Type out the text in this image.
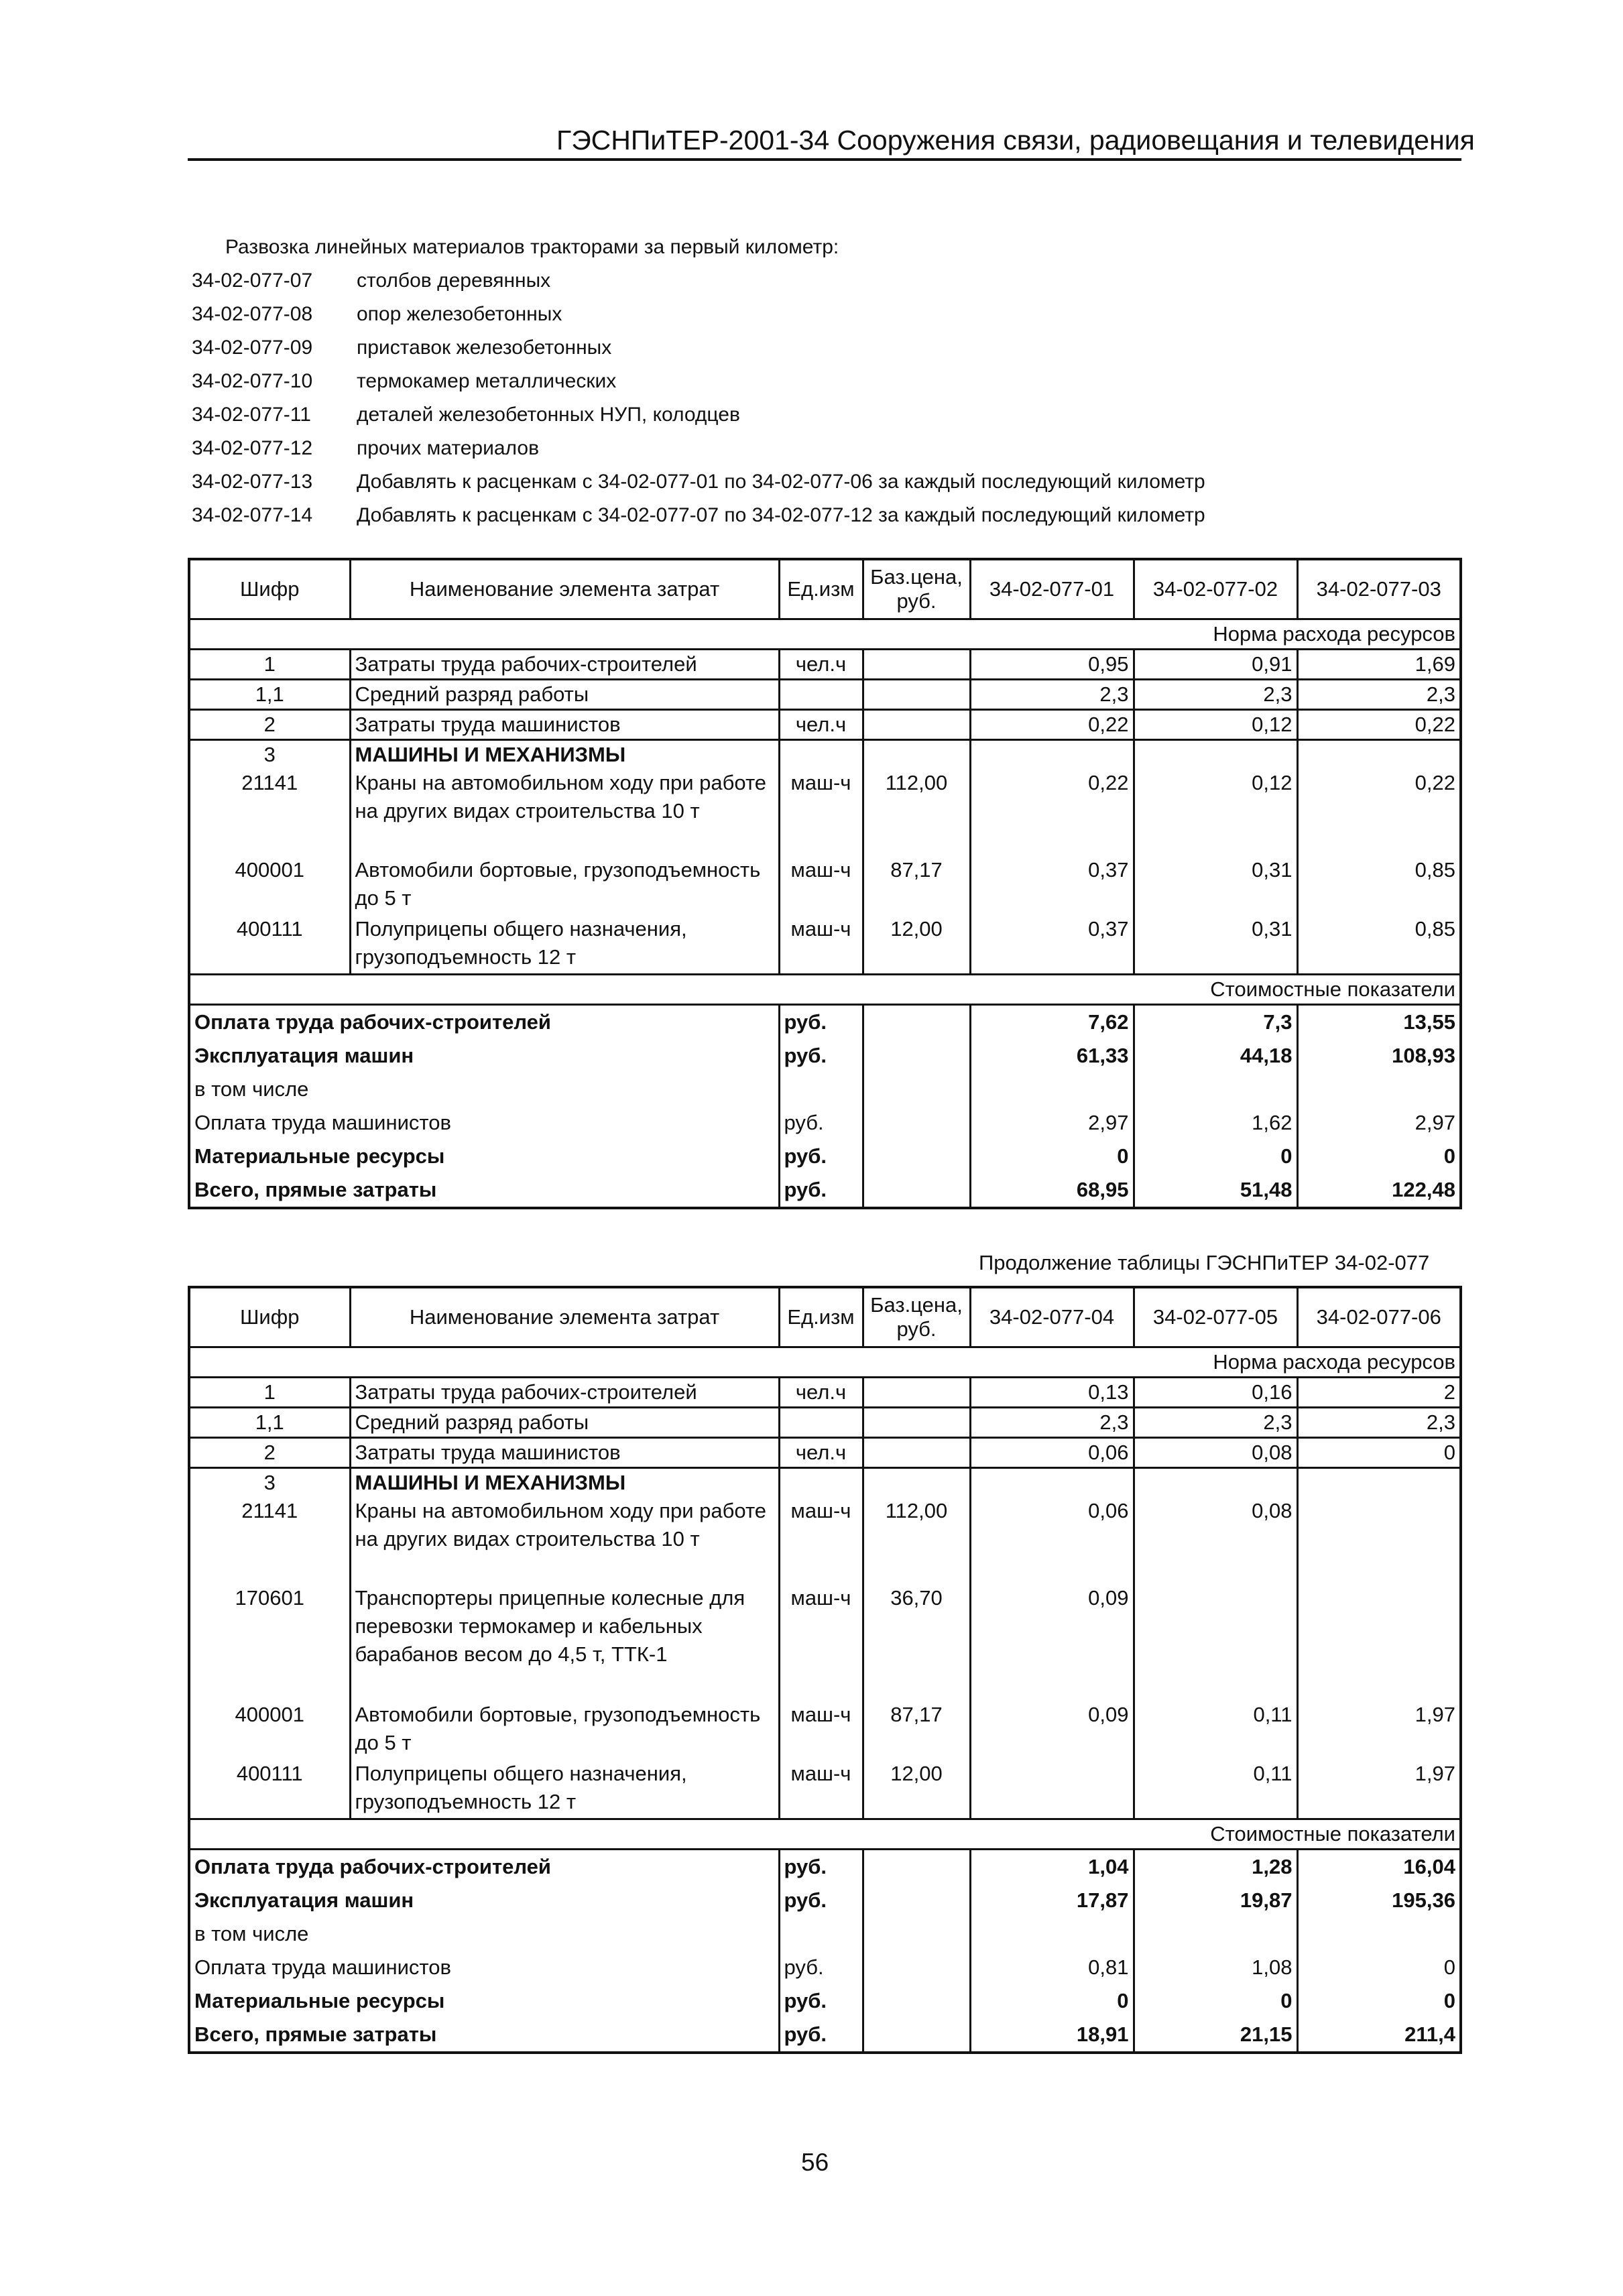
ГЭСНПиТЕР-2001-34 Сооружения связи, радиовещания и телевидения
Развозка линейных материалов тракторами за первый километр:
34-02-077-07	столбов деревянных
34-02-077-08	опор железобетонных
34-02-077-09	приставок железобетонных
34-02-077-10	термокамер металлических
34-02-077-11	деталей железобетонных НУП, колодцев
34-02-077-12	прочих материалов
34-02-077-13	Добавлять к расценкам с 34-02-077-01 по 34-02-077-06 за каждый последующий километр
34-02-077-14	Добавлять к расценкам с 34-02-077-07 по 34-02-077-12 за каждый последующий километр
Шифр	Наименование элемента затрат	Ед.изм	Баз.цена, руб.	34-02-077-01	34-02-077-02	34-02-077-03
Норма расхода ресурсов						
1	Затраты труда рабочих-строителей	чел.ч		0,95	0,91	1,69
1,1	Средний разряд работы			2,3	2,3	2,3
2	Затраты труда машинистов	чел.ч		0,22	0,12	0,22
3	МАШИНЫ И МЕХАНИЗМЫ					
21141	Краны на автомобильном ходу при работе на других видах строительства 10 т	маш-ч	112,00	0,22	0,12	0,22
400001	Автомобили бортовые, грузоподъемность до 5 т	маш-ч	87,17	0,37	0,31	0,85
400111	Полуприцепы общего назначения, грузоподъемность 12 т	маш-ч	12,00	0,37	0,31	0,85
Стоимостные показатели						
Оплата труда рабочих-строителей		руб.		7,62	7,3	13,55
Эксплуатация машин		руб.		61,33	44,18	108,93
в том числе						
Оплата труда машинистов		руб.		2,97	1,62	2,97
Материальные ресурсы		руб.		0	0	0
Всего, прямые затраты		руб.		68,95	51,48	122,48
Продолжение таблицы ГЭСНПиТЕР 34-02-077
Шифр	Наименование элемента затрат	Ед.изм	Баз.цена, руб.	34-02-077-04	34-02-077-05	34-02-077-06
Норма расхода ресурсов						
1	Затраты труда рабочих-строителей	чел.ч		0,13	0,16	2
1,1	Средний разряд работы			2,3	2,3	2,3
2	Затраты труда машинистов	чел.ч		0,06	0,08	0
3	МАШИНЫ И МЕХАНИЗМЫ					
21141	Краны на автомобильном ходу при работе на других видах строительства 10 т	маш-ч	112,00	0,06	0,08	
170601	Транспортеры прицепные колесные для перевозки термокамер и кабельных барабанов весом до 4,5 т, ТТК-1	маш-ч	36,70	0,09		
400001	Автомобили бортовые, грузоподъемность до 5 т	маш-ч	87,17	0,09	0,11	1,97
400111	Полуприцепы общего назначения, грузоподъемность 12 т	маш-ч	12,00		0,11	1,97
Стоимостные показатели						
Оплата труда рабочих-строителей		руб.		1,04	1,28	16,04
Эксплуатация машин		руб.		17,87	19,87	195,36
в том числе						
Оплата труда машинистов		руб.		0,81	1,08	0
Материальные ресурсы		руб.		0	0	0
Всего, прямые затраты		руб.		18,91	21,15	211,4
56
